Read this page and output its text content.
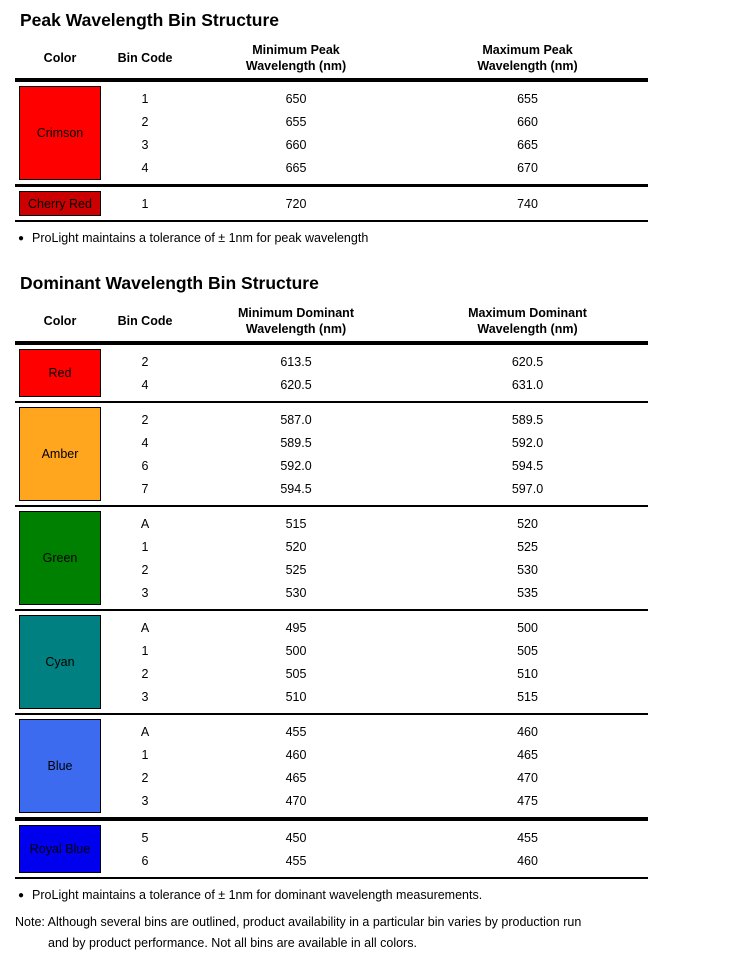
Peak Wavelength Bin Structure
Color	Bin Code
Minimum Peak
Wavelength (nm)
Maximum Peak
Wavelength (nm)
Crimson
1	650	655
2	655	660
3	660	665
4	665	670
Cherry Red	1	720	740
● ProLight maintains a tolerance of ± 1nm for peak wavelength
Dominant Wavelength Bin Structure
Color	Bin Code
Minimum Dominant
Wavelength (nm)
Maximum Dominant
Wavelength (nm)
Red
2	613.5	620.5
4	620.5	631.0
Amber
2	587.0	589.5
4	589.5	592.0
6	592.0	594.5
7	594.5	597.0
Green
A	515	520
1	520	525
2	525	530
3	530	535
Cyan
A	495	500
1	500	505
2	505	510
3	510	515
Blue
A	455	460
1	460	465
2	465	470
3	470	475
Royal Blue
5	450	455
6	455	460
● ProLight maintains a tolerance of ± 1nm for dominant wavelength measurements.
Note: Although several bins are outlined, product availability in a particular bin varies by production run
and by product performance. Not all bins are available in all colors.
